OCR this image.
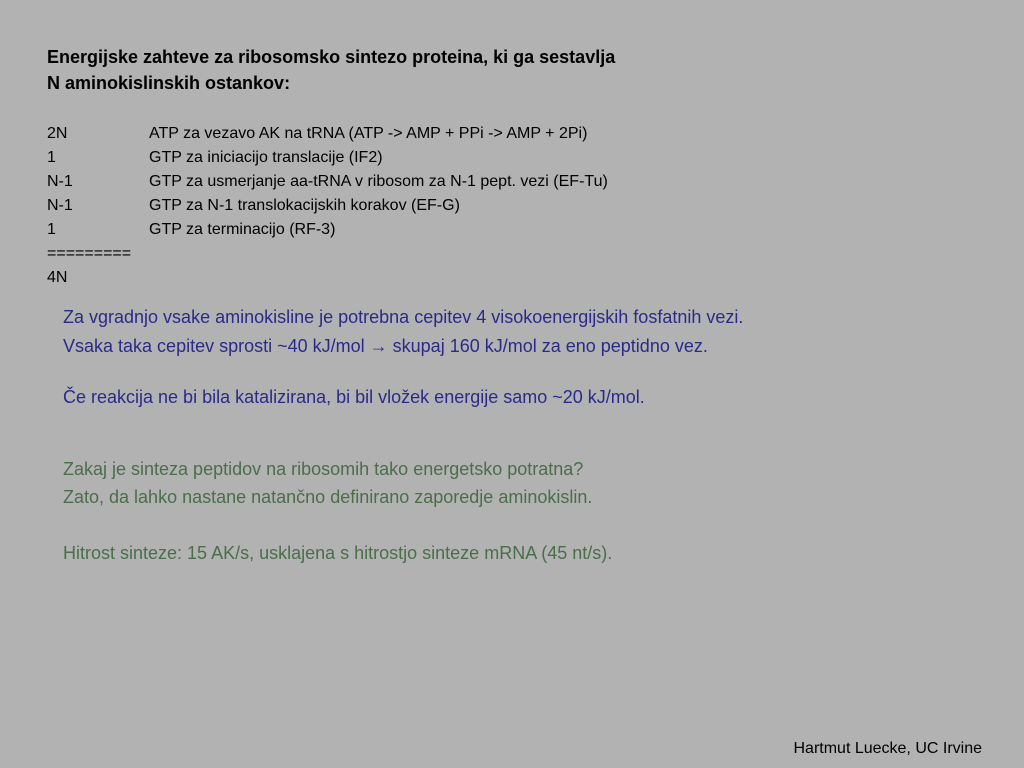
Energijske zahteve za ribosomsko sintezo proteina, ki ga sestavlja
N aminokislinskih ostankov:
2N	ATP za vezavo AK na tRNA (ATP -> AMP + PPi -> AMP + 2Pi)
1	GTP za iniciacijo translacije (IF2)
N-1	GTP za usmerjanje aa-tRNA v ribosom za N-1 pept. vezi (EF-Tu)
N-1	GTP za N-1 translokacijskih korakov (EF-G)
1	GTP za terminacijo (RF-3)
=========
4N
Za vgradnjo vsake aminokisline je potrebna cepitev 4 visokoenergijskih fosfatnih vezi.
Vsaka taka cepitev sprosti ~40 kJ/mol → skupaj 160 kJ/mol za eno peptidno vez.
Če reakcija ne bi bila katalizirana, bi bil vložek energije samo ~20 kJ/mol.
Zakaj je sinteza peptidov na ribosomih tako energetsko potratna?
Zato, da lahko nastane natančno definirano zaporedje aminokislin.
Hitrost sinteze: 15 AK/s, usklajena s hitrostjo sinteze mRNA (45 nt/s).
Hartmut Luecke, UC Irvine
